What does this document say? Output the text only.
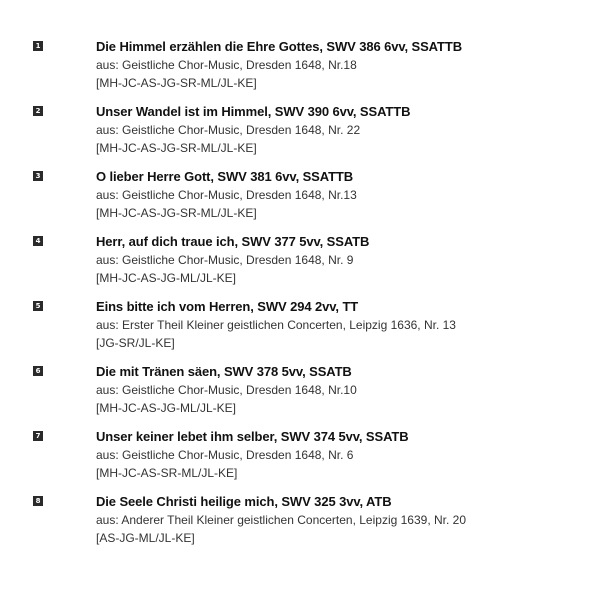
1	Die Himmel erzählen die Ehre Gottes, SWV 386 6vv, SSATTB
aus: Geistliche Chor-Music, Dresden 1648, Nr.18
[MH-JC-AS-JG-SR-ML/JL-KE]
2	Unser Wandel ist im Himmel, SWV 390 6vv, SSATTB
aus: Geistliche Chor-Music, Dresden 1648, Nr. 22
[MH-JC-AS-JG-SR-ML/JL-KE]
3	O lieber Herre Gott, SWV 381 6vv, SSATTB
aus: Geistliche Chor-Music, Dresden 1648, Nr.13
[MH-JC-AS-JG-SR-ML/JL-KE]
4	Herr, auf dich traue ich, SWV 377 5vv, SSATB
aus: Geistliche Chor-Music, Dresden 1648, Nr. 9
[MH-JC-AS-JG-ML/JL-KE]
5	Eins bitte ich vom Herren, SWV 294 2vv, TT
aus: Erster Theil Kleiner geistlichen Concerten, Leipzig 1636, Nr. 13
[JG-SR/JL-KE]
6	Die mit Tränen säen, SWV 378 5vv, SSATB
aus: Geistliche Chor-Music, Dresden 1648, Nr.10
[MH-JC-AS-JG-ML/JL-KE]
7	Unser keiner lebet ihm selber, SWV 374 5vv, SSATB
aus: Geistliche Chor-Music, Dresden 1648, Nr. 6
[MH-JC-AS-SR-ML/JL-KE]
8	Die Seele Christi heilige mich, SWV 325 3vv, ATB
aus: Anderer Theil Kleiner geistlichen Concerten, Leipzig 1639, Nr. 20
[AS-JG-ML/JL-KE]
